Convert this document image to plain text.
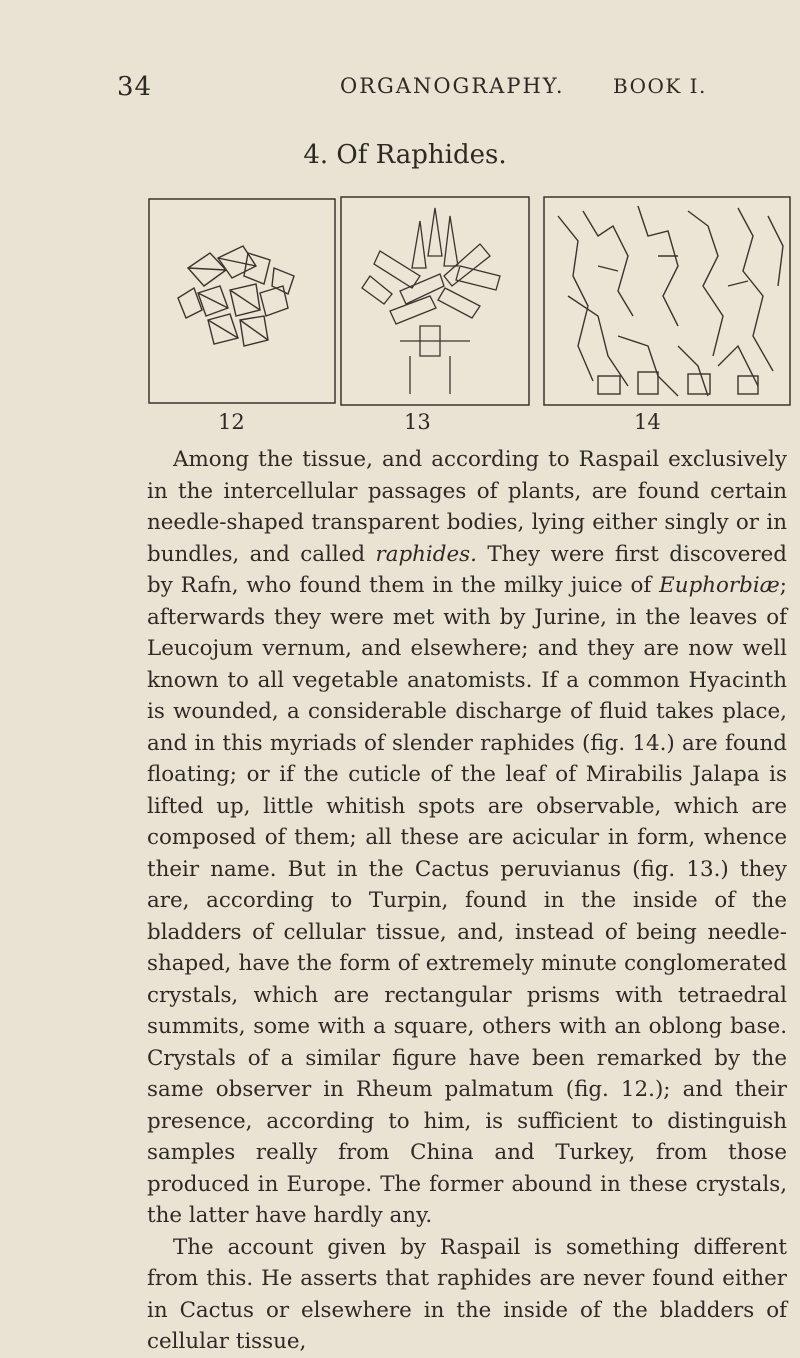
34	ORGANOGRAPHY. BOOK I.
4. Of Raphides.
12	13	14

Among the tissue, and according to Raspail exclusively in the intercellular passages of plants, are found certain needle-shaped transparent bodies, lying either singly or in bundles, and called raphides. They were first discovered by Rafn, who found them in the milky juice of Euphorbiæ; afterwards they were met with by Jurine, in the leaves of Leucojum vernum, and elsewhere; and they are now well known to all vegetable anatomists. If a common Hyacinth is wounded, a considerable discharge of fluid takes place, and in this myriads of slender raphides (fig. 14.) are found floating; or if the cuticle of the leaf of Mirabilis Jalapa is lifted up, little whitish spots are observable, which are composed of them; all these are acicular in form, whence their name. But in the Cactus peruvianus (fig. 13.) they are, according to Turpin, found in the inside of the bladders of cellular tissue, and, instead of being needle-shaped, have the form of extremely minute conglomerated crystals, which are rectangular prisms with tetraedral summits, some with a square, others with an oblong base. Crystals of a similar figure have been remarked by the same observer in Rheum palmatum (fig. 12.); and their presence, according to him, is sufficient to distinguish samples really from China and Turkey, from those produced in Europe. The former abound in these crystals, the latter have hardly any.

The account given by Raspail is something different from this. He asserts that raphides are never found either in Cactus or elsewhere in the inside of the bladders of cellular tissue,
